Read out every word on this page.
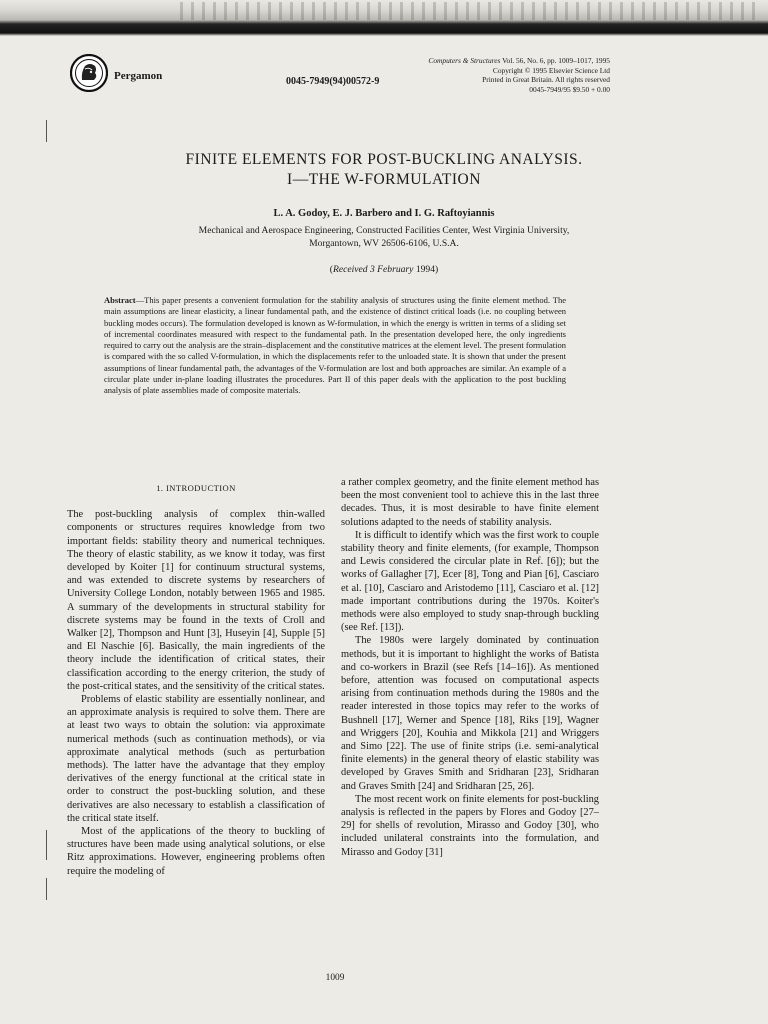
Pergamon	0045-7949(94)00572-9
Computers & Structures Vol. 56, No. 6, pp. 1009–1017, 1995
Copyright © 1995 Elsevier Science Ltd
Printed in Great Britain. All rights reserved
0045-7949/95 $9.50 + 0.00
FINITE ELEMENTS FOR POST-BUCKLING ANALYSIS.
I—THE W-FORMULATION
L. A. Godoy, E. J. Barbero and I. G. Raftoyiannis
Mechanical and Aerospace Engineering, Constructed Facilities Center, West Virginia University,
Morgantown, WV 26506-6106, U.S.A.
(Received 3 February 1994)
Abstract—This paper presents a convenient formulation for the stability analysis of structures using the finite element method. The main assumptions are linear elasticity, a linear fundamental path, and the existence of distinct critical loads (i.e. no coupling between buckling modes occurs). The formulation developed is known as W-formulation, in which the energy is written in terms of a sliding set of incremental coordinates measured with respect to the fundamental path. In the presentation developed here, the only ingredients required to carry out the analysis are the strain–displacement and the constitutive matrices at the element level. The present formulation is compared with the so called V-formulation, in which the displacements refer to the unloaded state. It is shown that under the present assumptions of linear fundamental path, the advantages of the V-formulation are lost and both approaches are similar. An example of a circular plate under in-plane loading illustrates the procedures. Part II of this paper deals with the application to the post buckling analysis of plate assemblies made of composite materials.
1. INTRODUCTION

The post-buckling analysis of complex thin-walled components or structures requires knowledge from two important fields: stability theory and numerical techniques. The theory of elastic stability, as we know it today, was first developed by Koiter [1] for continuum structural systems, and was extended to discrete systems by researchers of University College London, notably between 1965 and 1985. A summary of the developments in structural stability for discrete systems may be found in the texts of Croll and Walker [2], Thompson and Hunt [3], Huseyin [4], Supple [5] and El Naschie [6]. Basically, the main ingredients of the theory include the identification of critical states, their classification according to the energy criterion, the study of the post-critical states, and the sensitivity of the critical states.

Problems of elastic stability are essentially nonlinear, and an approximate analysis is required to solve them. There are at least two ways to obtain the solution: via approximate numerical methods (such as continuation methods), or via approximate analytical methods (such as perturbation methods). The latter have the advantage that they employ derivatives of the energy functional at the critical state in order to construct the post-buckling solution, and these derivatives are also necessary to establish a classification of the critical state itself.

Most of the applications of the theory to buckling of structures have been made using analytical solutions, or else Ritz approximations. However, engineering problems often require the modeling of

a rather complex geometry, and the finite element method has been the most convenient tool to achieve this in the last three decades. Thus, it is most desirable to have finite element solutions adapted to the needs of stability analysis.

It is difficult to identify which was the first work to couple stability theory and finite elements, (for example, Thompson and Lewis considered the circular plate in Ref. [6]); but the works of Gallagher [7], Ecer [8], Tong and Pian [6], Casciaro et al. [10], Casciaro and Aristodemo [11], Casciaro et al. [12] made important contributions during the 1970s. Koiter's methods were also employed to study snap-through buckling (see Ref. [13]).

The 1980s were largely dominated by continuation methods, but it is important to highlight the works of Batista and co-workers in Brazil (see Refs [14–16]). As mentioned before, attention was focused on computational aspects arising from continuation methods during the 1980s and the reader interested in those topics may refer to the works of Bushnell [17], Werner and Spence [18], Riks [19], Wagner and Wriggers [20], Kouhia and Mikkola [21] and Wriggers and Simo [22]. The use of finite strips (i.e. semi-analytical finite elements) in the general theory of elastic stability was developed by Graves Smith and Sridharan [23], Sridharan and Graves Smith [24] and Sridharan [25, 26].

The most recent work on finite elements for post-buckling analysis is reflected in the papers by Flores and Godoy [27–29] for shells of revolution, Mirasso and Godoy [30], who included unilateral constraints into the formulation, and Mirasso and Godoy [31]

1009
